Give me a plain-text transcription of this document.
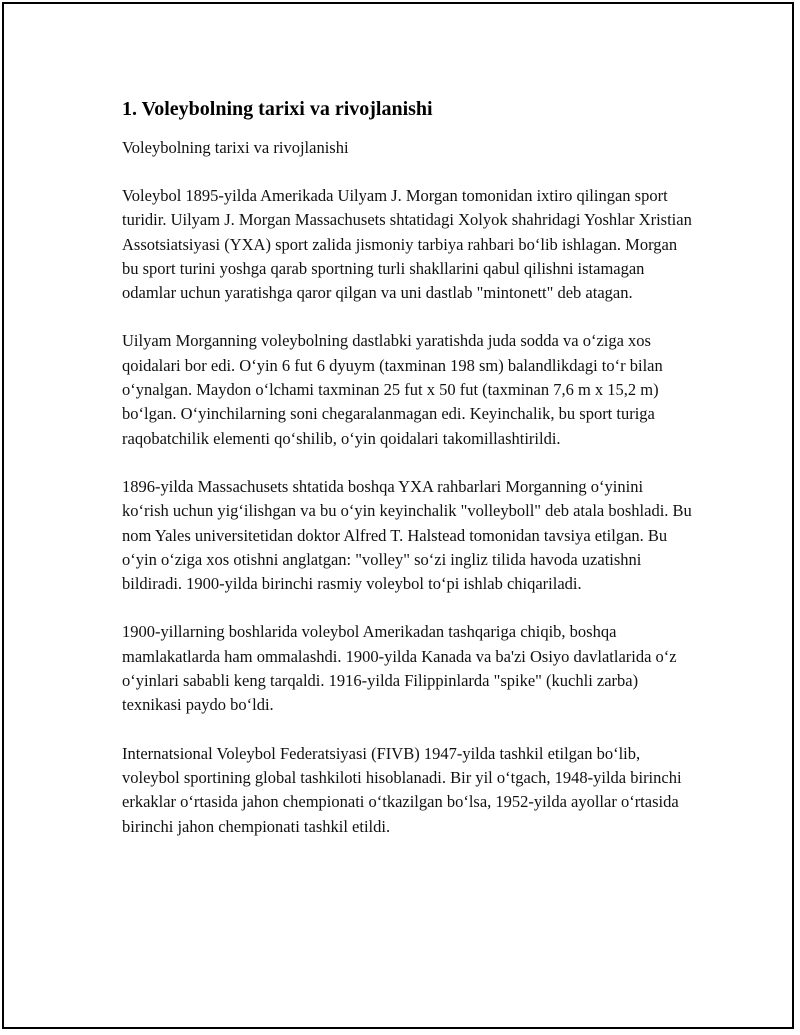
1. Voleybolning tarixi va rivojlanishi

Voleybolning tarixi va rivojlanishi

Voleybol 1895-yilda Amerikada Uilyam J. Morgan tomonidan ixtiro qilingan sport turidir. Uilyam J. Morgan Massachusets shtatidagi Xolyok shahridagi Yoshlar Xristian Assotsiatsiyasi (YXA) sport zalida jismoniy tarbiya rahbari bo‘lib ishlagan. Morgan bu sport turini yoshga qarab sportning turli shakllarini qabul qilishni istamagan odamlar uchun yaratishga qaror qilgan va uni dastlab "mintonett" deb atagan.

Uilyam Morganning voleybolning dastlabki yaratishda juda sodda va o‘ziga xos qoidalari bor edi. O‘yin 6 fut 6 dyuym (taxminan 198 sm) balandlikdagi to‘r bilan o‘ynalgan. Maydon o‘lchami taxminan 25 fut x 50 fut (taxminan 7,6 m x 15,2 m) bo‘lgan. O‘yinchilarning soni chegaralanmagan edi. Keyinchalik, bu sport turiga raqobatchilik elementi qo‘shilib, o‘yin qoidalari takomillashtirildi.

1896-yilda Massachusets shtatida boshqa YXA rahbarlari Morganning o‘yinini ko‘rish uchun yig‘ilishgan va bu o‘yin keyinchalik "volleyboll" deb atala boshladi. Bu nom Yales universitetidan doktor Alfred T. Halstead tomonidan tavsiya etilgan. Bu o‘yin o‘ziga xos otishni anglatgan: "volley" so‘zi ingliz tilida havoda uzatishni bildiradi. 1900-yilda birinchi rasmiy voleybol to‘pi ishlab chiqariladi.

1900-yillarning boshlarida voleybol Amerikadan tashqariga chiqib, boshqa mamlakatlarda ham ommalashdi. 1900-yilda Kanada va ba'zi Osiyo davlatlarida o‘z o‘yinlari sababli keng tarqaldi. 1916-yilda Filippinlarda "spike" (kuchli zarba) texnikasi paydo bo‘ldi.

Internatsional Voleybol Federatsiyasi (FIVB) 1947-yilda tashkil etilgan bo‘lib, voleybol sportining global tashkiloti hisoblanadi. Bir yil o‘tgach, 1948-yilda birinchi erkaklar o‘rtasida jahon chempionati o‘tkazilgan bo‘lsa, 1952-yilda ayollar o‘rtasida birinchi jahon chempionati tashkil etildi.
